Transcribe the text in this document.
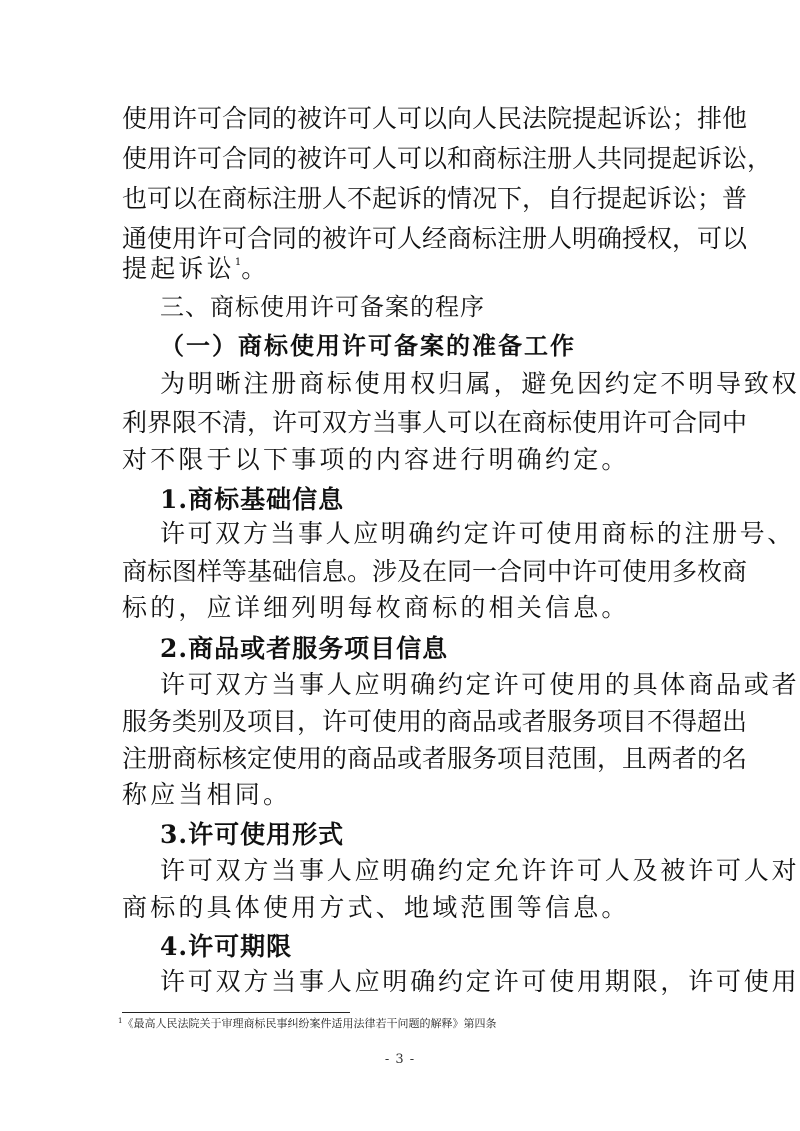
使用许可合同的被许可人可以向人民法院提起诉讼；排他
使用许可合同的被许可人可以和商标注册人共同提起诉讼，
也可以在商标注册人不起诉的情况下，自行提起诉讼；普
通使用许可合同的被许可人经商标注册人明确授权，可以
提起诉讼$^1$。
三、商标使用许可备案的程序
（一）商标使用许可备案的准备工作
为明晰注册商标使用权归属，避免因约定不明导致权
利界限不清，许可双方当事人可以在商标使用许可合同中
对不限于以下事项的内容进行明确约定。
1.商标基础信息
许可双方当事人应明确约定许可使用商标的注册号、
商标图样等基础信息。涉及在同一合同中许可使用多枚商
标的，应详细列明每枚商标的相关信息。
2.商品或者服务项目信息
许可双方当事人应明确约定许可使用的具体商品或者
服务类别及项目，许可使用的商品或者服务项目不得超出
注册商标核定使用的商品或者服务项目范围，且两者的名
称应当相同。
3.许可使用形式
许可双方当事人应明确约定允许许可人及被许可人对
商标的具体使用方式、地域范围等信息。
4.许可期限
许可双方当事人应明确约定许可使用期限，许可使用
$^1$《最高人民法院关于审理商标民事纠纷案件适用法律若干问题的解释》第四条
- 3 -
